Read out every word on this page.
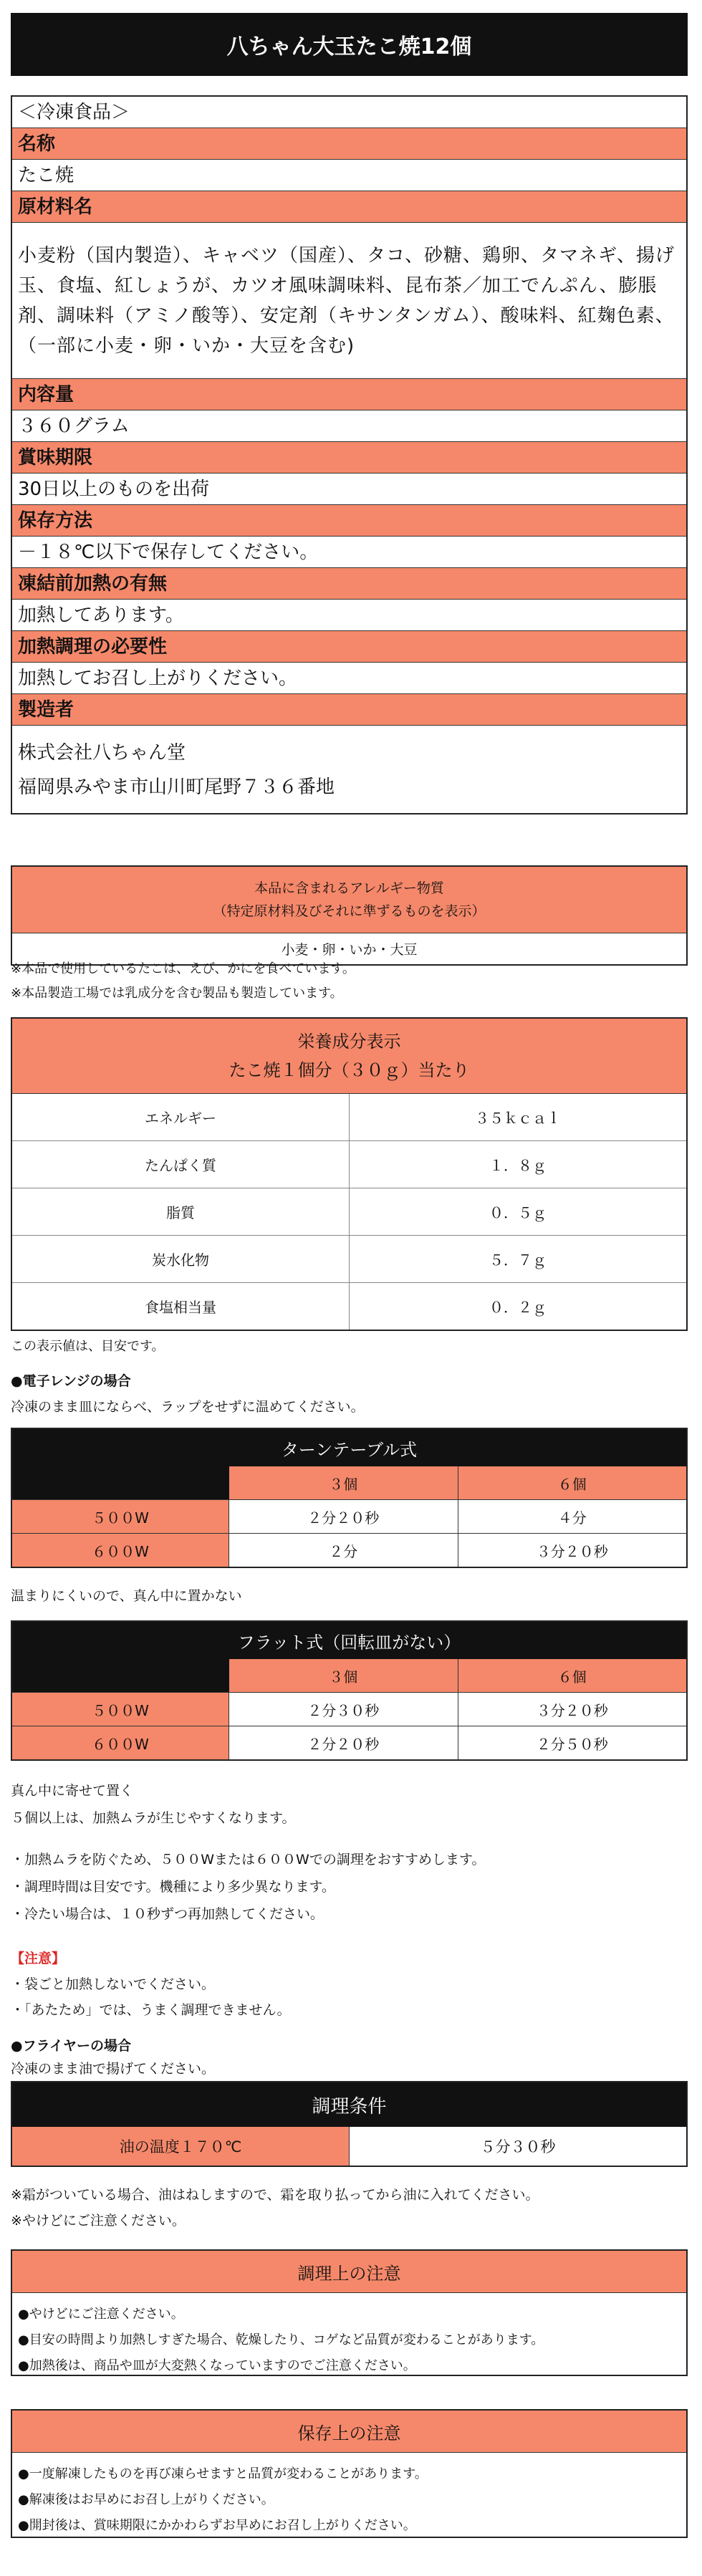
八ちゃん大玉たこ焼12個
＜冷凍食品＞
名称
たこ焼
原材料名
小麦粉（国内製造）、キャベツ（国産）、タコ、砂糖、鶏卵、タマネギ、揚げ玉、食塩、紅しょうが、カツオ風味調味料、昆布茶／加工でんぷん、膨脹剤、調味料（アミノ酸等）、安定剤（キサンタンガム）、酸味料、紅麹色素、（一部に小麦・卵・いか・大豆を含む)
内容量
３６０グラム
賞味期限
30日以上のものを出荷
保存方法
－１８℃以下で保存してください。
凍結前加熱の有無
加熱してあります。
加熱調理の必要性
加熱してお召し上がりください。
製造者
株式会社八ちゃん堂
福岡県みやま市山川町尾野７３６番地
本品に含まれるアレルギー物質
（特定原材料及びそれに準ずるものを表示）
小麦・卵・いか・大豆
※本品で使用しているたこは、えび、かにを食べています。
※本品製造工場では乳成分を含む製品も製造しています。
栄養成分表示
たこ焼１個分（３０ｇ）当たり
エネルギー	３５ｋｃａｌ
たんぱく質	１．８ｇ
脂質	０．５ｇ
炭水化物	５．７ｇ
食塩相当量	０．２ｇ
この表示値は、目安です。
●電子レンジの場合
冷凍のまま皿にならべ、ラップをせずに温めてください。
ターンテーブル式
３個	６個
５００W	２分２０秒	４分
６００W	２分	３分２０秒
温まりにくいので、真ん中に置かない
フラット式（回転皿がない）
３個	６個
５００W	２分３０秒	３分２０秒
６００W	２分２０秒	２分５０秒
真ん中に寄せて置く
５個以上は、加熱ムラが生じやすくなります。
・加熱ムラを防ぐため、５００Wまたは６００Wでの調理をおすすめします。
・調理時間は目安です。機種により多少異なります。
・冷たい場合は、１０秒ずつ再加熱してください。
【注意】
・袋ごと加熱しないでください。
・「あたため」では、うまく調理できません。
●フライヤーの場合
冷凍のまま油で揚げてください。
調理条件
油の温度１７０℃	５分３０秒
※霜がついている場合、油はねしますので、霜を取り払ってから油に入れてください。
※やけどにご注意ください。
調理上の注意
●やけどにご注意ください。
●目安の時間より加熱しすぎた場合、乾燥したり、コゲなど品質が変わることがあります。
●加熱後は、商品や皿が大変熱くなっていますのでご注意ください。
保存上の注意
●一度解凍したものを再び凍らせますと品質が変わることがあります。
●解凍後はお早めにお召し上がりください。
●開封後は、賞味期限にかかわらずお早めにお召し上がりください。
